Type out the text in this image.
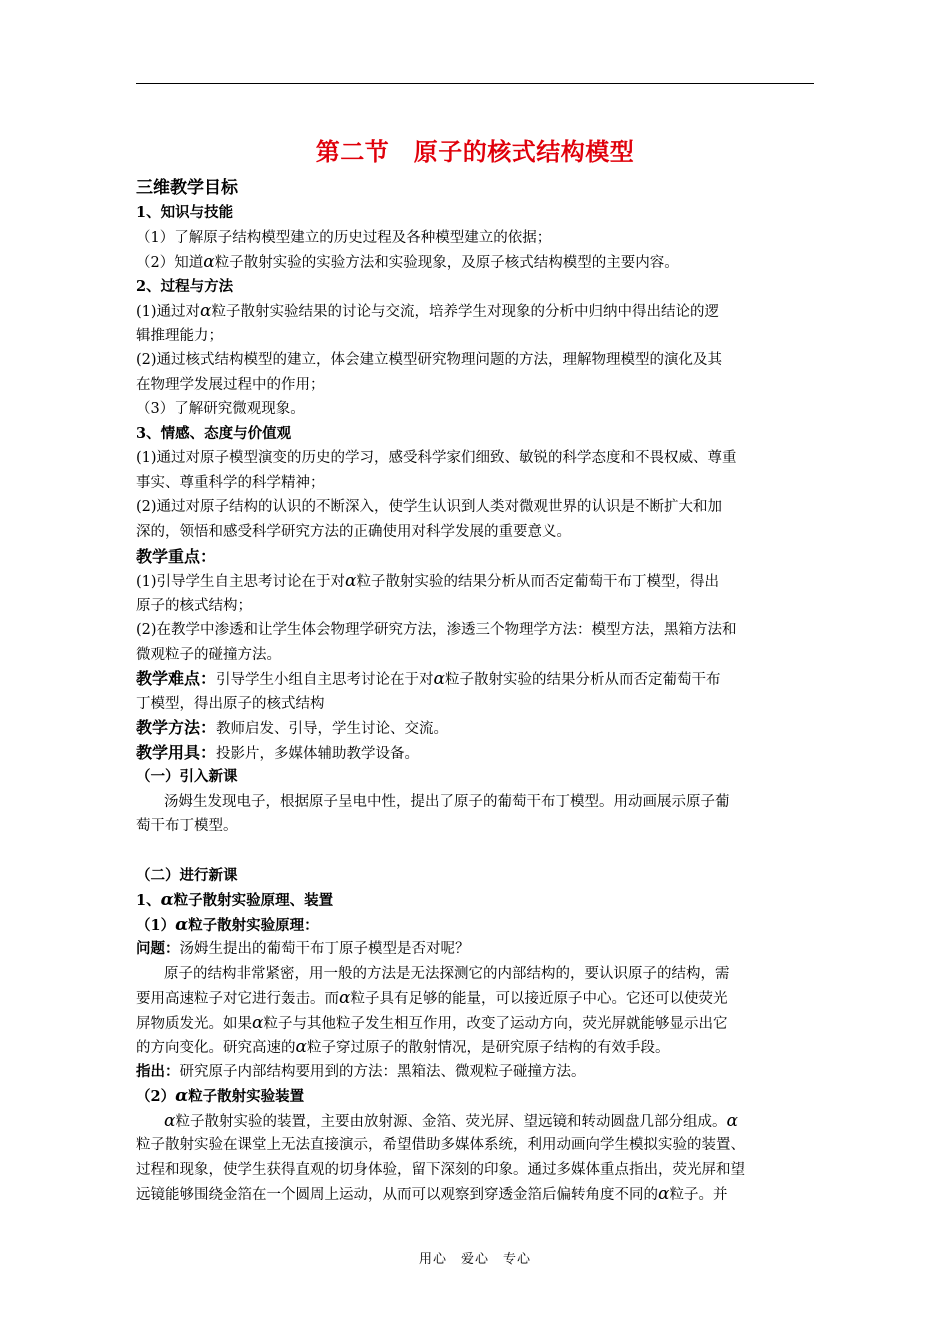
第二节　原子的核式结构模型
三维教学目标
1、知识与技能
（1）了解原子结构模型建立的历史过程及各种模型建立的依据；
（2）知道α粒子散射实验的实验方法和实验现象，及原子核式结构模型的主要内容。
2、过程与方法
(1)通过对α粒子散射实验结果的讨论与交流，培养学生对现象的分析中归纳中得出结论的逻
辑推理能力；
(2)通过核式结构模型的建立，体会建立模型研究物理问题的方法，理解物理模型的演化及其
在物理学发展过程中的作用；
（3）了解研究微观现象。
3、情感、态度与价值观
(1)通过对原子模型演变的历史的学习，感受科学家们细致、敏锐的科学态度和不畏权威、尊重
事实、尊重科学的科学精神；
(2)通过对原子结构的认识的不断深入，使学生认识到人类对微观世界的认识是不断扩大和加
深的，领悟和感受科学研究方法的正确使用对科学发展的重要意义。
教学重点：
(1)引导学生自主思考讨论在于对α粒子散射实验的结果分析从而否定葡萄干布丁模型，得出
原子的核式结构；
(2)在教学中渗透和让学生体会物理学研究方法，渗透三个物理学方法：模型方法，黑箱方法和
微观粒子的碰撞方法。
教学难点：引导学生小组自主思考讨论在于对α粒子散射实验的结果分析从而否定葡萄干布
丁模型，得出原子的核式结构
教学方法：教师启发、引导，学生讨论、交流。
教学用具：投影片，多媒体辅助教学设备。
（一）引入新课
汤姆生发现电子，根据原子呈电中性，提出了原子的葡萄干布丁模型。用动画展示原子葡
萄干布丁模型。
（二）进行新课
1、α粒子散射实验原理、装置
（1）α粒子散射实验原理：
问题：汤姆生提出的葡萄干布丁原子模型是否对呢？
原子的结构非常紧密，用一般的方法是无法探测它的内部结构的，要认识原子的结构，需
要用高速粒子对它进行轰击。而α粒子具有足够的能量，可以接近原子中心。它还可以使荧光
屏物质发光。如果α粒子与其他粒子发生相互作用，改变了运动方向，荧光屏就能够显示出它
的方向变化。研究高速的α粒子穿过原子的散射情况，是研究原子结构的有效手段。
指出：研究原子内部结构要用到的方法：黑箱法、微观粒子碰撞方法。
（2）α粒子散射实验装置
α粒子散射实验的装置，主要由放射源、金箔、荧光屏、望远镜和转动圆盘几部分组成。α
粒子散射实验在课堂上无法直接演示，希望借助多媒体系统，利用动画向学生模拟实验的装置、
过程和现象，使学生获得直观的切身体验，留下深刻的印象。通过多媒体重点指出，荧光屏和望
远镜能够围绕金箔在一个圆周上运动，从而可以观察到穿透金箔后偏转角度不同的α粒子。并
用心　爱心　专心
